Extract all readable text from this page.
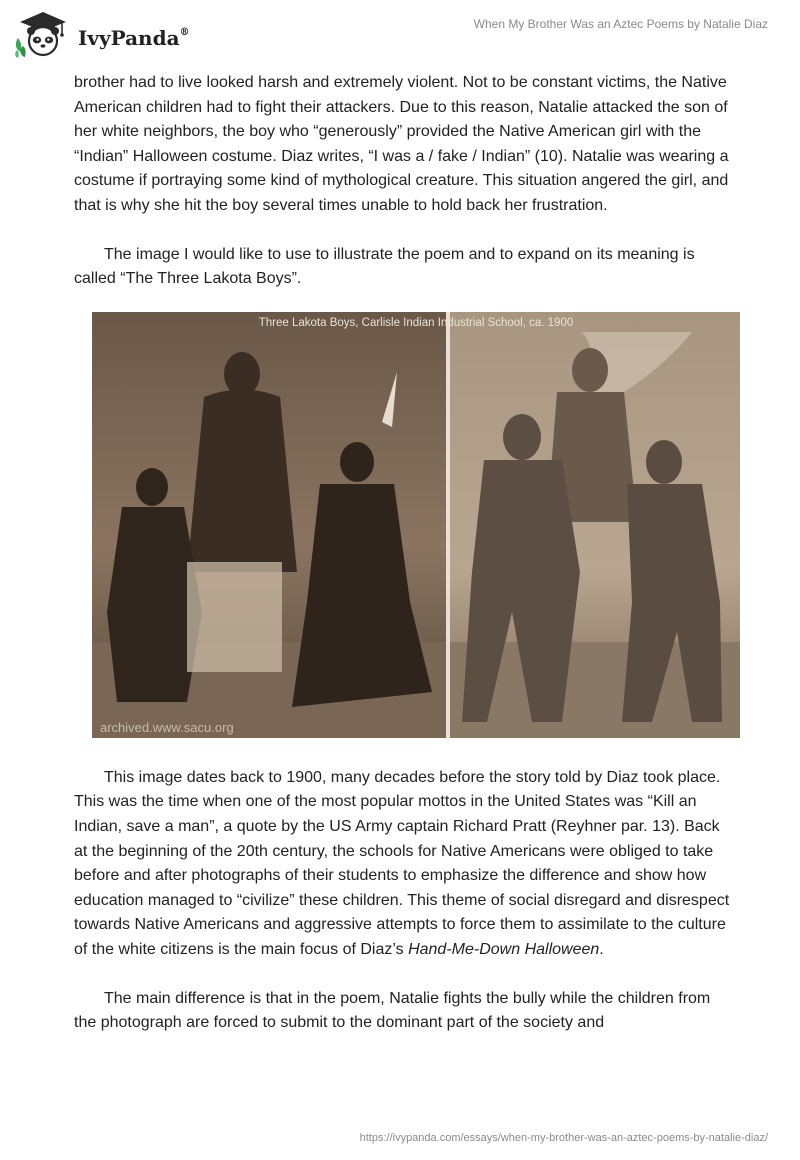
IvyPanda®
When My Brother Was an Aztec Poems by Natalie Diaz

brother had to live looked harsh and extremely violent. Not to be constant victims, the Native American children had to fight their attackers. Due to this reason, Natalie attacked the son of her white neighbors, the boy who “generously” provided the Native American girl with the “Indian” Halloween costume. Diaz writes, “I was a / fake / Indian” (10). Natalie was wearing a costume if portraying some kind of mythological creature. This situation angered the girl, and that is why she hit the boy several times unable to hold back her frustration.

The image I would like to use to illustrate the poem and to expand on its meaning is called “The Three Lakota Boys”.

Three Lakota Boys, Carlisle Indian Industrial School, ca. 1900
archived.www.sacu.org

This image dates back to 1900, many decades before the story told by Diaz took place. This was the time when one of the most popular mottos in the United States was “Kill an Indian, save a man”, a quote by the US Army captain Richard Pratt (Reyhner par. 13). Back at the beginning of the 20th century, the schools for Native Americans were obliged to take before and after photographs of their students to emphasize the difference and show how education managed to “civilize” these children. This theme of social disregard and disrespect towards Native Americans and aggressive attempts to force them to assimilate to the culture of the white citizens is the main focus of Diaz’s Hand-Me-Down Halloween.

The main difference is that in the poem, Natalie fights the bully while the children from the photograph are forced to submit to the dominant part of the society and

https://ivypanda.com/essays/when-my-brother-was-an-aztec-poems-by-natalie-diaz/
